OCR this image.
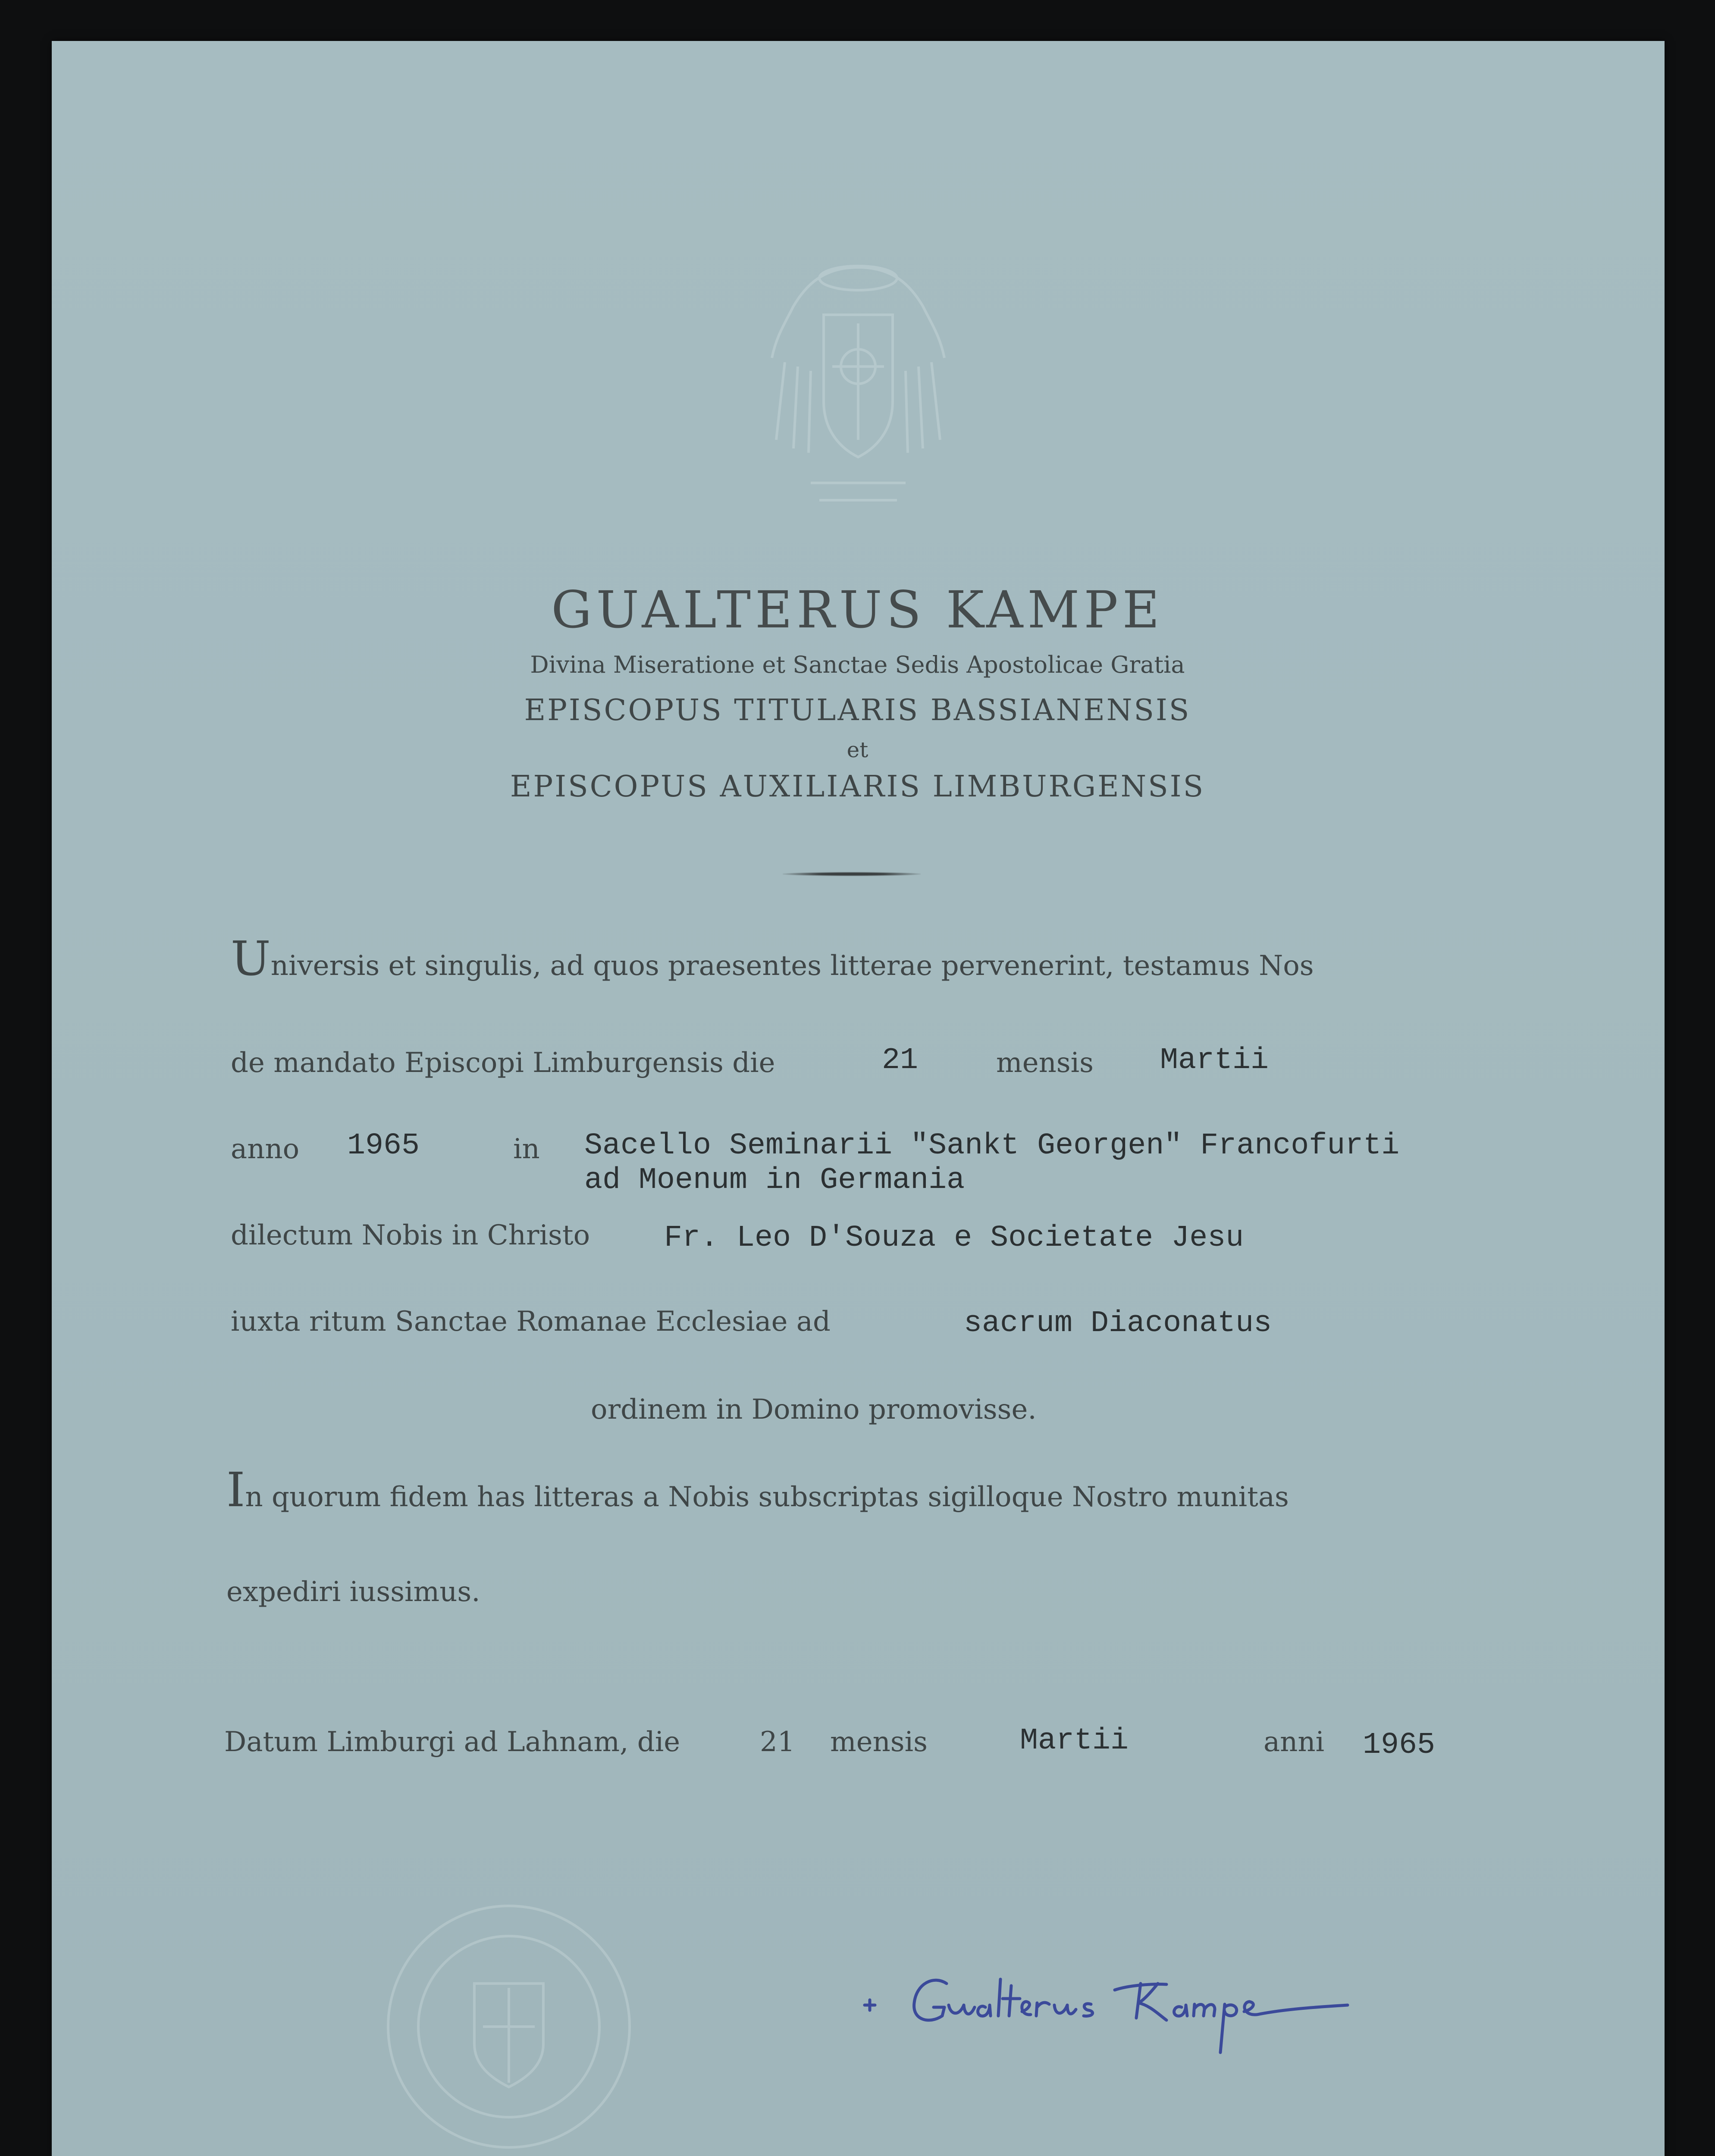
GUALTERUS KAMPE
Divina Miseratione et Sanctae Sedis Apostolicae Gratia
EPISCOPUS TITULARIS BASSIANENSIS
et
EPISCOPUS AUXILIARIS LIMBURGENSIS
Universis et singulis, ad quos praesentes litterae pervenerint, testamus Nos
de mandato Episcopi Limburgensis die	21	mensis Martii
anno 1965	in Sacello Seminarii "Sankt Georgen" Francofurti
ad Moenum in Germania
dilectum Nobis in Christo Fr. Leo D'Souza e Societate Jesu
iuxta ritum Sanctae Romanae Ecclesiae ad	sacrum Diaconatus
ordinem in Domino promovisse.
In quorum fidem has litteras a Nobis subscriptas sigilloque Nostro munitas
expediri iussimus.
Datum Limburgi ad Lahnam, die	21 mensis	Martii	anni 1965
